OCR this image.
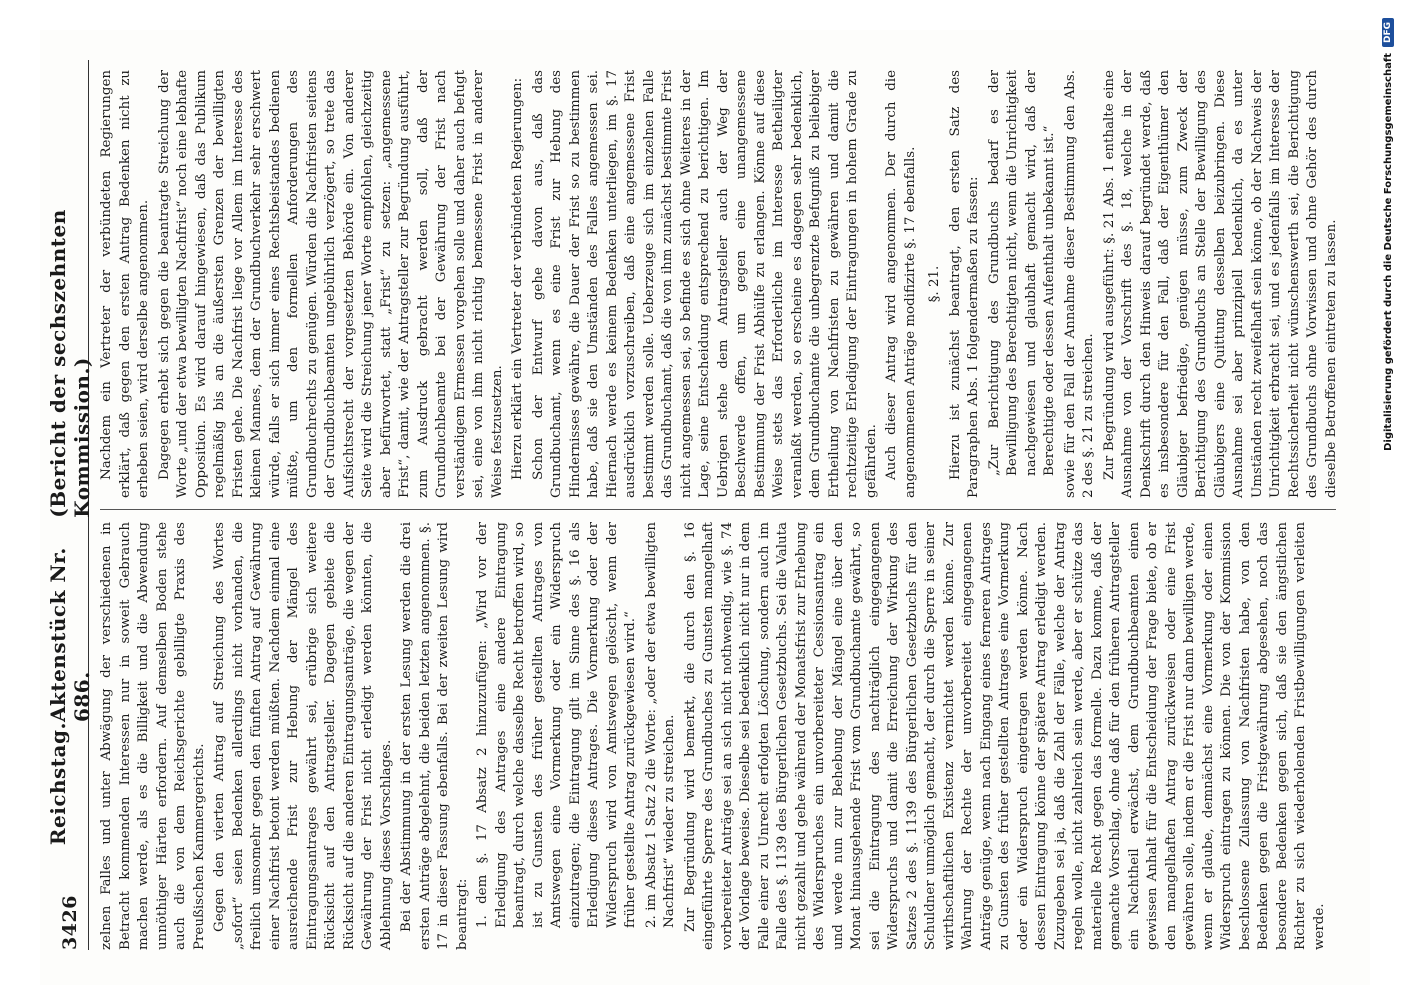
3426
Reichstag.
Aktenstück Nr. 686.
(Bericht der sechszehnten Kommission.)

zelnen Falles und unter Abwägung der verschiedenen in Betracht kommenden Interessen nur in soweit Gebrauch machen werde, als es die Billigkeit und die Abwendung unnöthiger Härten erfordern. Auf demselben Boden stehe auch die von dem Reichsgerichte gebilligte Praxis des Preußischen Kammergerichts. Gegen den vierten Antrag auf Streichung des Wortes „sofort“ seien Bedenken allerdings nicht vorhanden, die freilich umsomehr gegen den fünften Antrag auf Gewährung einer Nachfrist betont werden müßten. Nachdem einmal eine ausreichende Frist zur Hebung der Mängel des Eintragungsantrages gewährt sei, erübrige sich weitere Rücksicht auf den Antragsteller. Dagegen gebiete die Rücksicht auf die anderen Eintragungsanträge, die wegen der Gewährung der Frist nicht erledigt werden könnten, die Ablehnung dieses Vorschlages. Bei der Abstimmung in der ersten Lesung werden die drei ersten Anträge abgelehnt, die beiden letzten angenommen. §. 17 in dieser Fassung ebenfalls. Bei der zweiten Lesung wird beantragt: 1. dem §. 17 Absatz 2 hinzuzufügen: „Wird vor der Erledigung des Antrages eine andere Eintragung beantragt, durch welche dasselbe Recht betroffen wird, so ist zu Gunsten des früher gestellten Antrages von Amtswegen eine Vormerkung oder ein Widerspruch einzutragen; die Eintragung gilt im Sinne des §. 16 als Erledigung dieses Antrages. Die Vormerkung oder der Widerspruch wird von Amtswegen gelöscht, wenn der früher gestellte Antrag zurückgewiesen wird.“ 2. im Absatz 1 Satz 2 die Worte: „oder der etwa bewilligten Nachfrist“ wieder zu streichen. Zur Begründung wird bemerkt, die durch den §. 16 eingeführte Sperre des Grundbuches zu Gunsten mangelhaft vorbereiteter Anträge sei an sich nicht nothwendig, wie §. 74 der Vorlage beweise. Dieselbe sei bedenklich nicht nur in dem Falle einer zu Unrecht erfolgten Löschung, sondern auch im Falle des §. 1139 des Bürgerlichen Gesetzbuchs. Sei die Valuta nicht gezahlt und gehe während der Monatsfrist zur Erhebung des Widerspruches ein unvorbereiteter Cessionsantrag ein und werde nun zur Behebung der Mängel eine über den Monat hinausgehende Frist vom Grundbuchamte gewährt, so sei die Eintragung des nachträglich eingegangenen Widerspruchs und damit die Erreichung der Wirkung des Satzes 2 des §. 1139 des Bürgerlichen Gesetzbuchs für den Schuldner unmöglich gemacht, der durch die Sperre in seiner wirthschaftlichen Existenz vernichtet werden könne. Zur Wahrung der Rechte der unvorbereitet eingegangenen Anträge genüge, wenn nach Eingang eines ferneren Antrages zu Gunsten des früher gestellten Antrages eine Vormerkung oder ein Widerspruch eingetragen werden könne. Nach dessen Eintragung könne der spätere Antrag erledigt werden. Zuzugeben sei ja, daß die Zahl der Fälle, welche der Antrag regeln wolle, nicht zahlreich sein werde, aber er schütze das materielle Recht gegen das formelle. Dazu komme, daß der gemachte Vorschlag, ohne daß für den früheren Antragsteller ein Nachtheil erwächst, dem Grundbuchbeamten einen gewissen Anhalt für die Entscheidung der Frage biete, ob er den mangelhaften Antrag zurückweisen oder eine Frist gewähren solle, indem er die Frist nur dann bewilligen werde, wenn er glaube, demnächst eine Vormerkung oder einen Widerspruch eintragen zu können. Die von der Kommission beschlossene Zulassung von Nachfristen habe, von den Bedenken gegen die Fristgewährung abgesehen, noch das besondere Bedenken gegen sich, daß sie den ängstlichen Richter zu sich wiederholenden Fristbewilligungen verleiten werde.

Nachdem ein Vertreter der verbündeten Regierungen erklärt, daß gegen den ersten Antrag Bedenken nicht zu erheben seien, wird derselbe angenommen. Dagegen erhebt sich gegen die beantragte Streichung der Worte „und der etwa bewilligten Nachfrist“ noch eine lebhafte Opposition. Es wird darauf hingewiesen, daß das Publikum regelmäßig bis an die äußersten Grenzen der bewilligten Fristen gehe. Die Nachfrist liege vor Allem im Interesse des kleinen Mannes, dem der Grundbuchverkehr sehr erschwert würde, falls er sich immer eines Rechtsbeistandes bedienen müßte, um den formellen Anforderungen des Grundbuchrechts zu genügen. Würden die Nachfristen seitens der Grundbuchbeamten ungebührlich verzögert, so trete das Aufsichtsrecht der vorgesetzten Behörde ein. Von anderer Seite wird die Streichung jener Worte empfohlen, gleichzeitig aber befürwortet, statt „Frist“ zu setzen: „angemessene Frist“, damit, wie der Antragsteller zur Begründung ausführt, zum Ausdruck gebracht werden soll, daß der Grundbuchbeamte bei der Gewährung der Frist nach verständigem Ermessen vorgehen solle und daher auch befugt sei, eine von ihm nicht richtig bemessene Frist in anderer Weise festzusetzen. Hierzu erklärt ein Vertreter der verbündeten Regierungen: Schon der Entwurf gehe davon aus, daß das Grundbuchamt, wenn es eine Frist zur Hebung des Hindernisses gewähre, die Dauer der Frist so zu bestimmen habe, daß sie den Umständen des Falles angemessen sei. Hiernach werde es keinem Bedenken unterliegen, im §. 17 ausdrücklich vorzuschreiben, daß eine angemessene Frist bestimmt werden solle. Ueberzeuge sich im einzelnen Falle das Grundbuchamt, daß die von ihm zunächst bestimmte Frist nicht angemessen sei, so befinde es sich ohne Weiteres in der Lage, seine Entscheidung entsprechend zu berichtigen. Im Uebrigen stehe dem Antragsteller auch der Weg der Beschwerde offen, um gegen eine unangemessene Bestimmung der Frist Abhülfe zu erlangen. Könne auf diese Weise stets das Erforderliche im Interesse Betheiligter veranlaßt werden, so erscheine es dagegen sehr bedenklich, dem Grundbuchamte die unbegrenzte Befugniß zu beliebiger Ertheilung von Nachfristen zu gewähren und damit die rechtzeitige Erledigung der Eintragungen in hohem Grade zu gefährden. Auch dieser Antrag wird angenommen. Der durch die angenommenen Anträge modifizirte §. 17 ebenfalls. §. 21. Hierzu ist zunächst beantragt, den ersten Satz des Paragraphen Abs. 1 folgendermaßen zu fassen: „Zur Berichtigung des Grundbuchs bedarf es der Bewilligung des Berechtigten nicht, wenn die Unrichtigkeit nachgewiesen und glaubhaft gemacht wird, daß der Berechtigte oder dessen Aufenthalt unbekannt ist.“ sowie für den Fall der Annahme dieser Bestimmung den Abs. 2 des §. 21 zu streichen. Zur Begründung wird ausgeführt: §. 21 Abs. 1 enthalte eine Ausnahme von der Vorschrift des §. 18, welche in der Denkschrift durch den Hinweis darauf begründet werde, daß es insbesondere für den Fall, daß der Eigenthümer den Gläubiger befriedige, genügen müsse, zum Zweck der Berichtigung des Grundbuchs an Stelle der Bewilligung des Gläubigers eine Quittung desselben beizubringen. Diese Ausnahme sei aber prinzipiell bedenklich, da es unter Umständen recht zweifelhaft sein könne, ob der Nachweis der Unrichtigkeit erbracht sei, und es jedenfalls im Interesse der Rechtssicherheit nicht wünschenswerth sei, die Berichtigung des Grundbuchs ohne Vorwissen und ohne Gehör des durch dieselbe Betroffenen eintreten zu lassen.	Digitalisierung gefördert durch die Deutsche Forschungsgemeinschaft
DFG
